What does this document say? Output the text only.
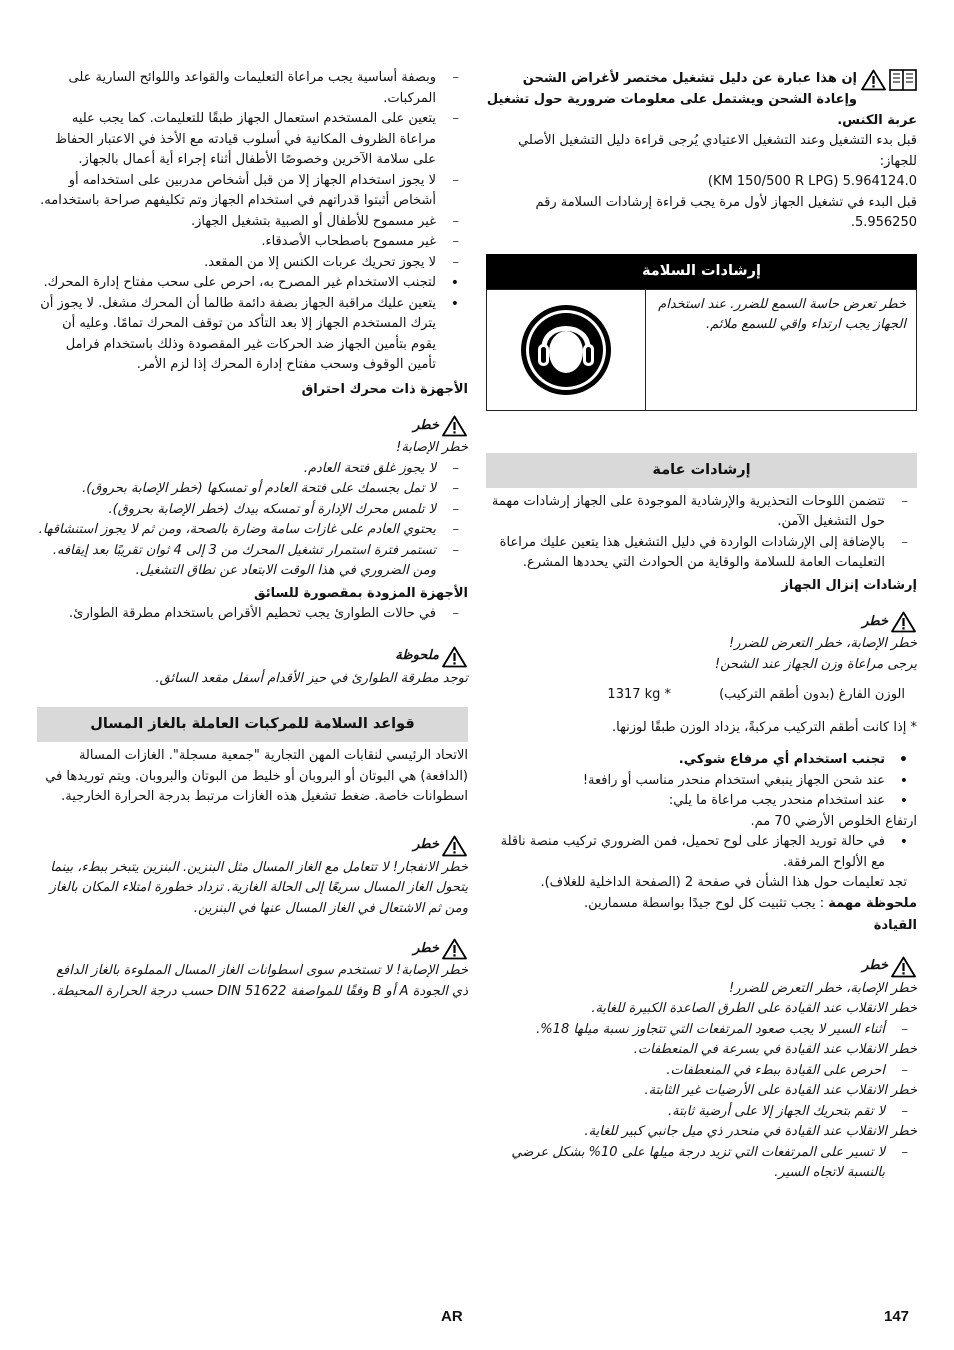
إن هذا عبارة عن دليل تشغيل مختصر لأغراض الشحن وإعادة الشحن ويشتمل على معلومات ضرورية حول تشغيل عربة الكنس.

قبل بدء التشغيل وعند التشغيل الاعتيادي يُرجى قراءة دليل التشغيل الأصلي للجهاز:

5.964124.0 (KM 150/500 R LPG)

قبل البدء في تشغيل الجهاز لأول مرة يجب قراءة إرشادات السلامة رقم 5.956250.

إرشادات السلامة
خطر تعرض حاسة السمع للضرر. عند استخدام الجهاز يجب ارتداء واقي للسمع ملائم.	
إرشادات عامة
– تتضمن اللوحات التحذيرية والإرشادية الموجودة على الجهاز إرشادات مهمة حول التشغيل الآمن.
– بالإضافة إلى الإرشادات الواردة في دليل التشغيل هذا يتعين عليك مراعاة التعليمات العامة للسلامة والوقاية من الحوادث التي يحددها المشرع.

إرشادات إنزال الجهاز

خطر

خطر الإصابة، خطر التعرض للضرر!

يرجى مراعاة وزن الجهاز عند الشحن!

الوزن الفارغ (بدون أطقم التركيب)
1317 kg *

* إذا كانت أطقم التركيب مركبةً، يزداد الوزن طبقًا لوزنها.

• تجنب استخدام أي مرفاع شوكي.
• عند شحن الجهاز ينبغي استخدام منحدر مناسب أو رافعة!
• عند استخدام منحدر يجب مراعاة ما يلي:

ارتفاع الخلوص الأرضي 70 مم.

• في حالة توريد الجهاز على لوح تحميل، فمن الضروري تركيب منصة ناقلة مع الألواح المرفقة.

تجد تعليمات حول هذا الشأن في صفحة 2 (الصفحة الداخلية للغلاف).

ملحوظة مهمة : يجب تثبيت كل لوح جيدًا بواسطة مسمارين.

القيادة

خطر

خطر الإصابة، خطر التعرض للضرر!

خطر الانقلاب عند القيادة على الطرق الصاعدة الكبيرة للغاية.

– أثناء السير لا يجب صعود المرتفعات التي تتجاوز نسبة ميلها 18%.

خطر الانقلاب عند القيادة في بسرعة في المنعطفات.

– احرص على القيادة ببطء في المنعطفات.

خطر الانقلاب عند القيادة على الأرضيات غير الثابتة.

– لا تقم بتحريك الجهاز إلا على أرضية ثابتة.

خطر الانقلاب عند القيادة في منحدر ذي ميل جانبي كبير للغاية.

– لا تسير على المرتفعات التي تزيد درجة ميلها على 10% بشكل عرضي بالنسبة لاتجاه السير.
– وبصفة أساسية يجب مراعاة التعليمات والقواعد واللوائح السارية على المركبات.
– يتعين على المستخدم استعمال الجهاز طبقًا للتعليمات. كما يجب عليه مراعاة الظروف المكانية في أسلوب قيادته مع الأخذ في الاعتبار الحفاظ على سلامة الآخرين وخصوصًا الأطفال أثناء إجراء أية أعمال بالجهاز.
– لا يجوز استخدام الجهاز إلا من قبل أشخاص مدربين على استخدامه أو أشخاص أثبتوا قدراتهم في استخدام الجهاز وتم تكليفهم صراحة باستخدامه.
– غير مسموح للأطفال أو الصبية بتشغيل الجهاز.
– غير مسموح باصطحاب الأصدقاء.
– لا يجوز تحريك عربات الكنس إلا من المقعد.
• لتجنب الاستخدام غير المصرح به، احرص على سحب مفتاح إدارة المحرك.
• يتعين عليك مراقبة الجهاز بصفة دائمة طالما أن المحرك مشغل. لا يجوز أن يترك المستخدم الجهاز إلا بعد التأكد من توقف المحرك تمامًا. وعليه أن يقوم بتأمين الجهاز ضد الحركات غير المقصودة وذلك باستخدام فرامل تأمين الوقوف وسحب مفتاح إدارة المحرك إذا لزم الأمر.

الأجهزة ذات محرك احتراق

خطر

خطر الإصابة!

– لا يجوز غلق فتحة العادم.
– لا تمل بجسمك على فتحة العادم أو تمسكها (خطر الإصابة بحروق).
– لا تلمس محرك الإدارة أو تمسكه بيدك (خطر الإصابة بحروق).
– يحتوي العادم على غازات سامة وضارة بالصحة، ومن ثم لا يجوز استنشاقها.
– تستمر فترة استمرار تشغيل المحرك من 3 إلى 4 ثوان تقريبًا بعد إيقافه. ومن الضروري في هذا الوقت الابتعاد عن نطاق التشغيل.

الأجهزة المزودة بمقصورة للسائق

– في حالات الطوارئ يجب تحطيم الأقراص باستخدام مطرقة الطوارئ.
ملحوظة

توجد مطرقة الطوارئ في حيز الأقدام أسفل مقعد السائق.

قواعد السلامة للمركبات العاملة بالغاز المسال

الاتحاد الرئيسي لنقابات المهن التجارية "جمعية مسجلة". الغازات المسالة (الدافعة) هي البوتان أو البروبان أو خليط من البوتان والبروبان. ويتم توريدها في اسطوانات خاصة. ضغط تشغيل هذه الغازات مرتبط بدرجة الحرارة الخارجية.

خطر

خطر الانفجار! لا تتعامل مع الغاز المسال مثل البنزين. البنزين يتبخر ببطء، بينما يتحول الغاز المسال سريعًا إلى الحالة الغازية. تزداد خطورة امتلاء المكان بالغاز ومن ثم الاشتعال في الغاز المسال عنها في البنزين.

خطر

خطر الإصابة! لا تستخدم سوى اسطوانات الغاز المسال المملوءة بالغاز الدافع ذي الجودة A أو B وفقًا للمواصفة DIN 51622 حسب درجة الحرارة المحيطة.

AR	147
